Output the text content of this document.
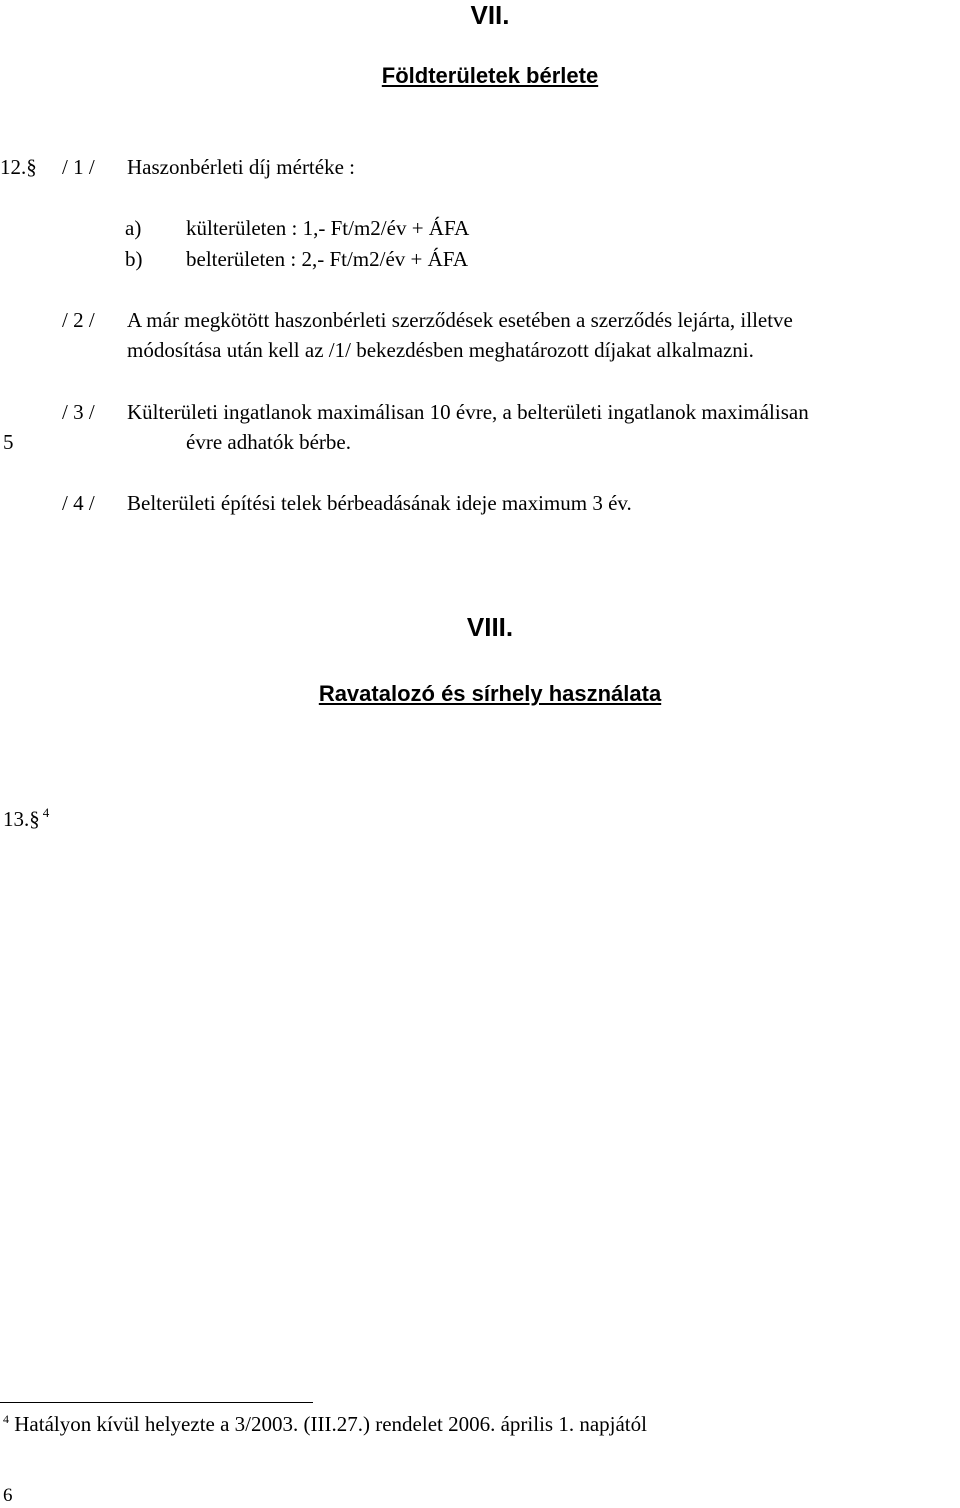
VII.
Földterületek bérlete
12.§ / 1 / Haszonbérleti díj mértéke :
a) külterületen : 1,- Ft/m2/év + ÁFA
b) belterületen : 2,- Ft/m2/év + ÁFA
/ 2 / A már megkötött haszonbérleti szerződések esetében a szerződés lejárta, illetve
módosítása után kell az /1/ bekezdésben meghatározott díjakat alkalmazni.
/ 3 / Külterületi ingatlanok maximálisan 10 évre, a belterületi ingatlanok maximálisan
5	évre adhatók bérbe.
/ 4 / Belterületi építési telek bérbeadásának ideje maximum 3 év.
VIII.
Ravatalozó és sírhely használata
13.§ $^4$
$^4$ Hatályon kívül helyezte a 3/2003. (III.27.) rendelet 2006. április 1. napjától
6
